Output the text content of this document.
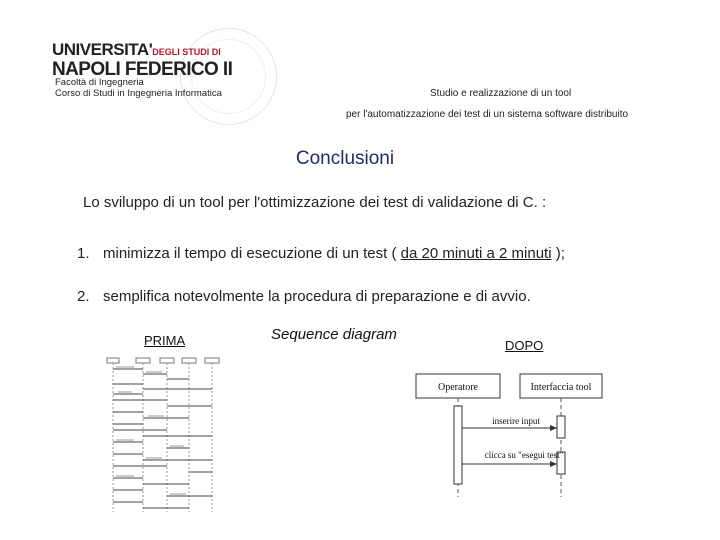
UNIVERSITA'DEGLI STUDI DI
NAPOLI FEDERICO II
Facoltà di Ingegneria
Corso di Studi in Ingegneria Informatica	Studio e realizzazione di un tool
per l'automatizzazione dei test di un sistema software distribuito
Conclusioni
Lo sviluppo di un tool per l'ottimizzazione dei test di validazione di C. :
1. minimizza il tempo di esecuzione di un test ( da 20 minuti a 2 minuti );
2. semplifica notevolmente la procedura di preparazione e di avvio.
PRIMA	Sequence diagram
DOPO
Operatore	Interfaccia tool
inserire input
clicca su "esegui test"
